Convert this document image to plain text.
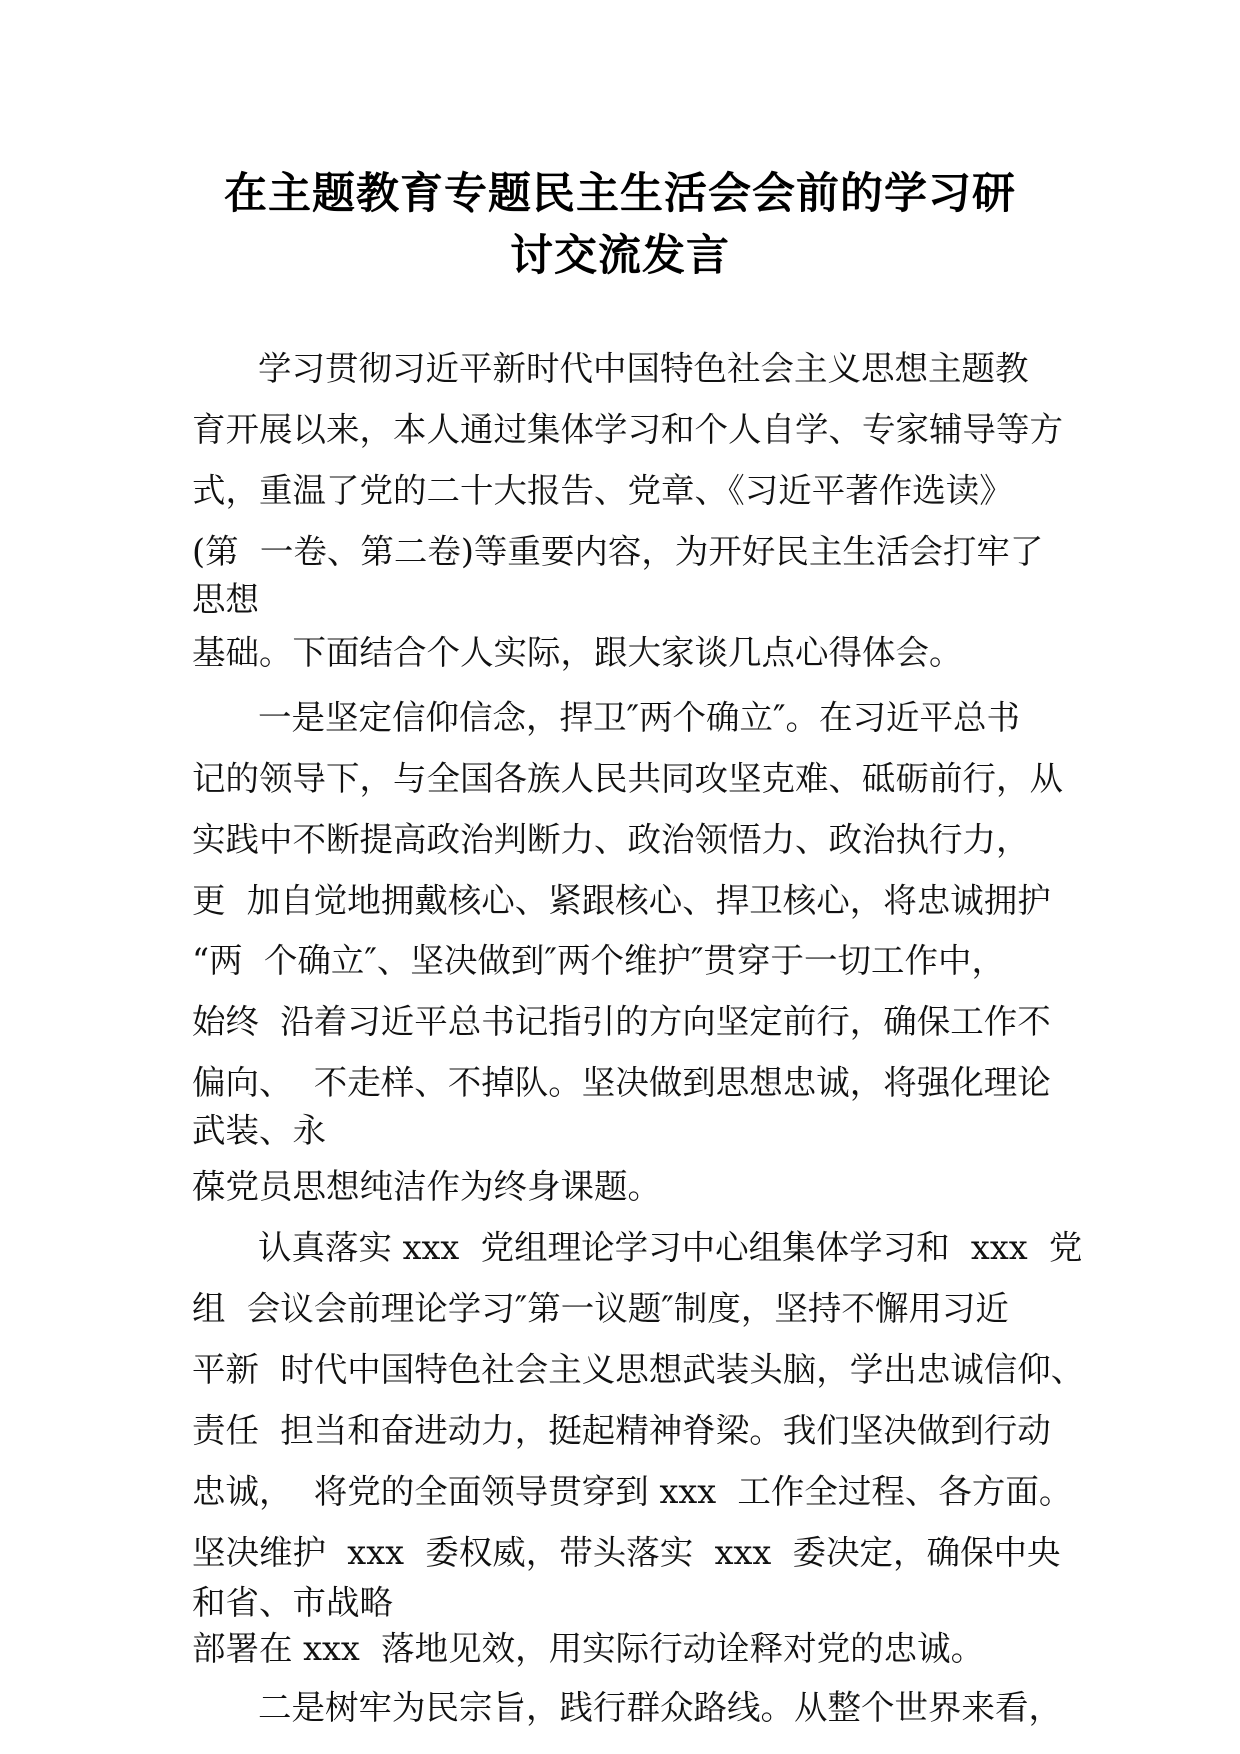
在主题教育专题民主生活会会前的学习研
讨交流发言

学习贯彻习近平新时代中国特色社会主义思想主题教

育开展以来，本人通过集体学习和个人自学、专家辅导等方

式，重温了党的二十大报告、党章、《习近平著作选读》

(第  一卷、第二卷)等重要内容，为开好民主生活会打牢了

思想

基础。下面结合个人实际，跟大家谈几点心得体会。

一是坚定信仰信念，捍卫″两个确立″。在习近平总书

记的领导下，与全国各族人民共同攻坚克难、砥砺前行，从

实践中不断提高政治判断力、政治领悟力、政治执行力，

更  加自觉地拥戴核心、紧跟核心、捍卫核心，将忠诚拥护

“两  个确立″、坚决做到″两个维护″贯穿于一切工作中，

始终  沿着习近平总书记指引的方向坚定前行，确保工作不

偏向、  不走样、不掉队。坚决做到思想忠诚，将强化理论

武装、永

葆党员思想纯洁作为终身课题。

认真落实 xxx  党组理论学习中心组集体学习和  xxx  党

组  会议会前理论学习″第一议题″制度，坚持不懈用习近

平新  时代中国特色社会主义思想武装头脑，学出忠诚信仰、

责任  担当和奋进动力，挺起精神脊梁。我们坚决做到行动

忠诚，  将党的全面领导贯穿到 xxx  工作全过程、各方面。

坚决维护  xxx  委权威，带头落实  xxx  委决定，确保中央

和省、市战略

部署在 xxx  落地见效，用实际行动诠释对党的忠诚。

二是树牢为民宗旨，践行群众路线。从整个世界来看，
